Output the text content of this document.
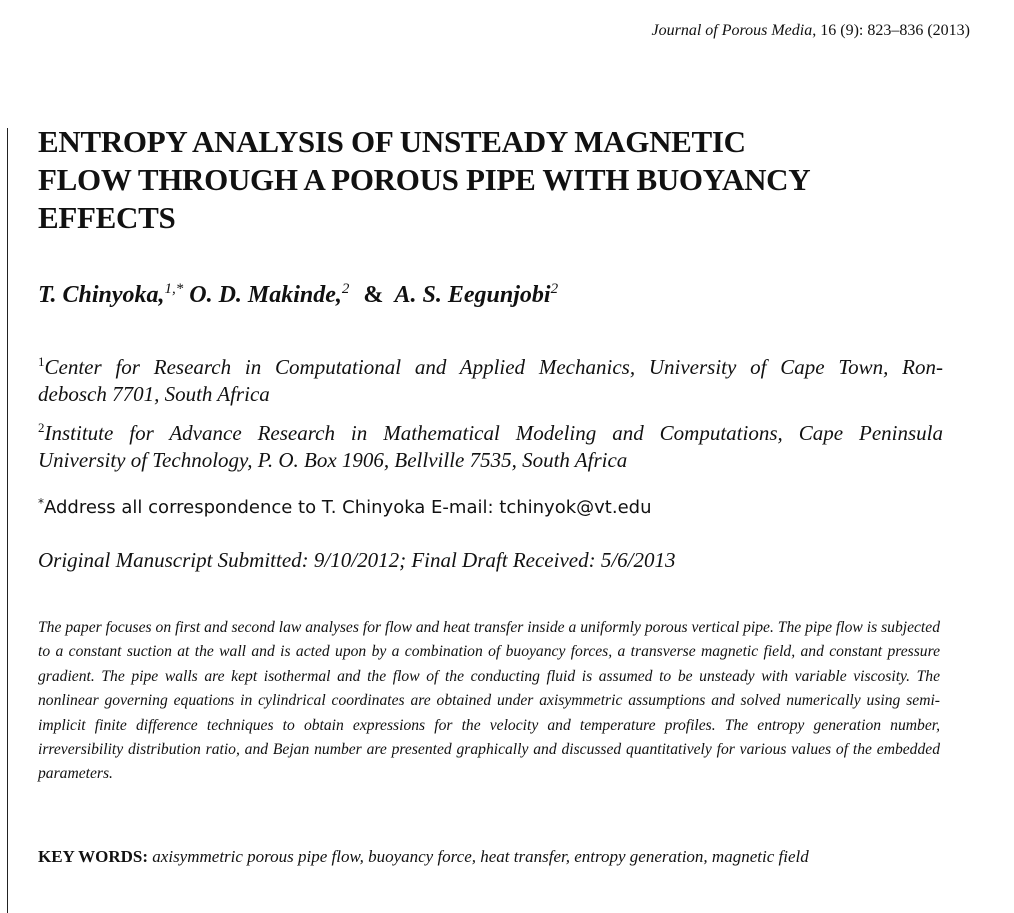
Journal of Porous Media, 16 (9): 823–836 (2013)
ENTROPY ANALYSIS OF UNSTEADY MAGNETIC
FLOW THROUGH A POROUS PIPE WITH BUOYANCY
EFFECTS
T. Chinyoka,$^{1,*}$ O. D. Makinde,$^2$ & A. S. Eegunjobi$^2$
$^1$Center for Research in Computational and Applied Mechanics, University of Cape Town, Ron-
debosch 7701, South Africa
$^2$Institute for Advance Research in Mathematical Modeling and Computations, Cape Peninsula
University of Technology, P. O. Box 1906, Bellville 7535, South Africa
*Address all correspondence to T. Chinyoka E-mail: tchinyok@vt.edu
Original Manuscript Submitted: 9/10/2012; Final Draft Received: 5/6/2013

The paper focuses on first and second law analyses for flow and heat transfer inside a uniformly porous vertical pipe. The pipe flow is subjected to a constant suction at the wall and is acted upon by a combination of buoyancy forces, a transverse magnetic field, and constant pressure gradient. The pipe walls are kept isothermal and the flow of the conducting fluid is assumed to be unsteady with variable viscosity. The nonlinear governing equations in cylindrical coordinates are obtained under axisymmetric assumptions and solved numerically using semi-implicit finite difference techniques to obtain expressions for the velocity and temperature profiles. The entropy generation number, irreversibility distribution ratio, and Bejan number are presented graphically and discussed quantitatively for various values of the embedded parameters.

KEY WORDS: axisymmetric porous pipe flow, buoyancy force, heat transfer, entropy generation, magnetic field
